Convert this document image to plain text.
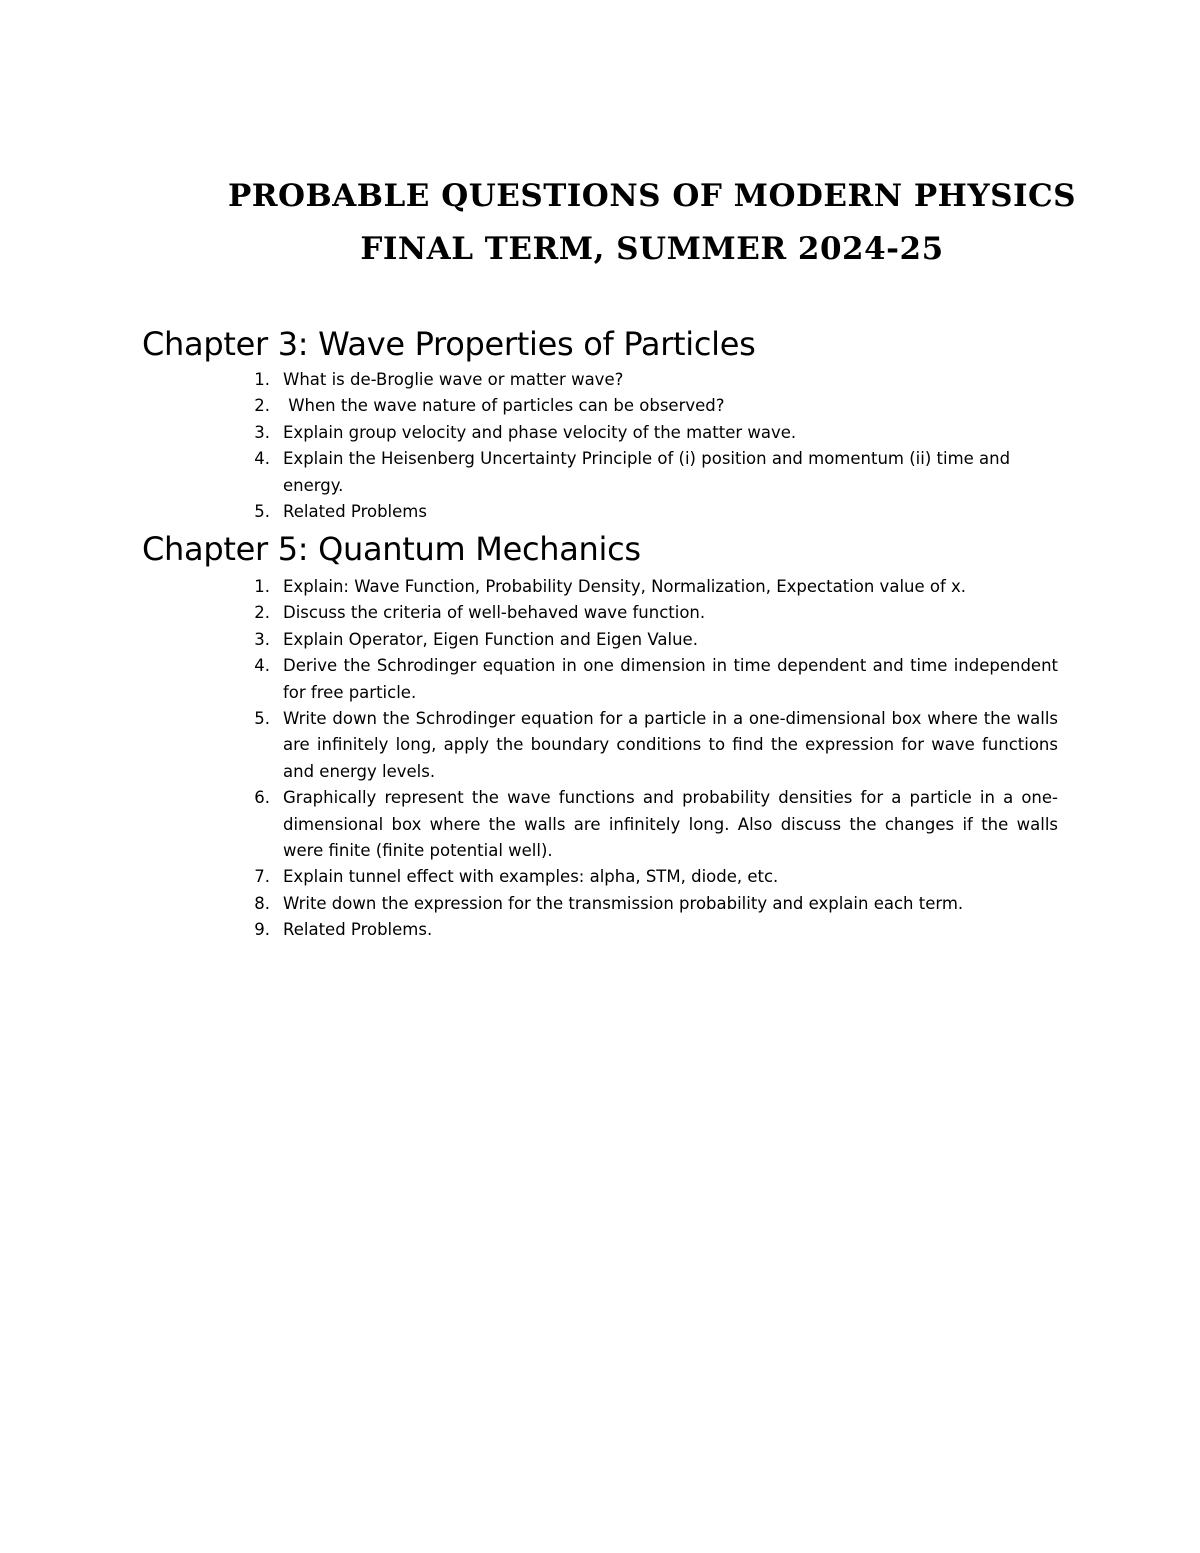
PROBABLE QUESTIONS OF MODERN PHYSICS
FINAL TERM, SUMMER 2024-25
Chapter 3: Wave Properties of Particles
1. What is de-Broglie wave or matter wave?
2. When the wave nature of particles can be observed?
3. Explain group velocity and phase velocity of the matter wave.
4. Explain the Heisenberg Uncertainty Principle of (i) position and momentum (ii) time and energy.
5. Related Problems
Chapter 5: Quantum Mechanics
1. Explain: Wave Function, Probability Density, Normalization, Expectation value of x.
2. Discuss the criteria of well-behaved wave function.
3. Explain Operator, Eigen Function and Eigen Value.
4. Derive the Schrodinger equation in one dimension in time dependent and time independent for free particle.
5. Write down the Schrodinger equation for a particle in a one-dimensional box where the walls are infinitely long, apply the boundary conditions to find the expression for wave functions and energy levels.
6. Graphically represent the wave functions and probability densities for a particle in a one-dimensional box where the walls are infinitely long. Also discuss the changes if the walls were finite (finite potential well).
7. Explain tunnel effect with examples: alpha, STM, diode, etc.
8. Write down the expression for the transmission probability and explain each term.
9. Related Problems.
